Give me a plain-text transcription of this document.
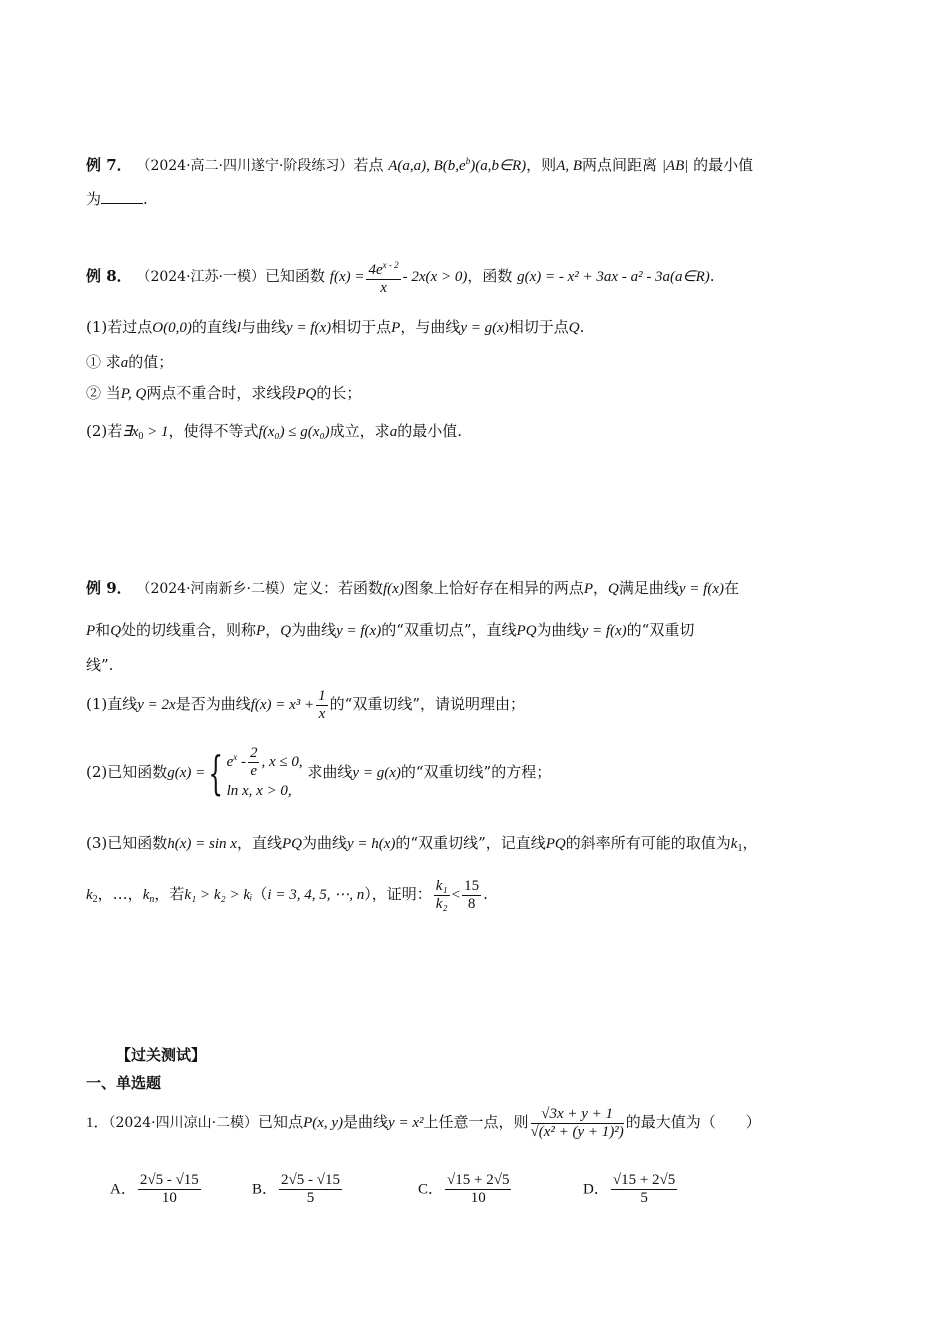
例 7． （2024·高二·四川遂宁·阶段练习）若点 A(a,a), $B(b,e^b)(a,b\in R)$，则A, B两点间距离 |AB| 的最小值
为	.
例 8． （2024·江苏·一模）已知函数 $f(x) = \frac{4e^{x - 2}}{x} - 2x(x > 0)$，函数 g(x) = - x² + 3ax - a² - 3a(a∈R).
(1)若过点O(0,0)的直线l与曲线y = f(x)相切于点P，与曲线y = g(x)相切于点Q.
① 求a的值；
② 当P, Q两点不重合时，求线段PQ的长；
(2)若$\exists x_0 > 1$，使得不等式f(x₀) ≤ g(x₀)成立，求a的最小值.
例 9． （2024·河南新乡·二模）定义：若函数f(x)图象上恰好存在相异的两点P，Q满足曲线y = f(x)在
P和Q处的切线重合，则称P，Q为曲线y = f(x)的“双重切点”，直线PQ为曲线y = f(x)的“双重切
线”.
(1)直线y = 2x是否为曲线$f(x) = x^3 + \frac{1}{x}$ 的“双重切线”，请说明理由；
(2)已知函数g(x) ={ $e^x - \frac{2}{e}$ , x ≤ 0,
ln x, x > 0,
求曲线y = g(x)的“双重切线”的方程；
(3)已知函数h(x) = sin x，直线PQ为曲线y = h(x)的“双重切线”，记直线PQ的斜率所有可能的取值为$k_1$，
$k_2$，…，$k_n$，若k₁ > k₂ > kᵢ（i = 3, 4, 5, ⋯, n），证明： $\frac{\text{k₁}}{\text{k₂}} < \frac{15}{8}$ .
【过关测试】
一、单选题
1．（2024·四川凉山·二模）已知点P(x, y)是曲线y = x²上任意一点，则 $\frac{√3x + y + 1}{\text{√(x² + (y + 1)²)}}$ 的最大值为（　　）
A． $\frac{2√5 - √15}{10}$	B． $\frac{2√5 - √15}{5}$	C． $\frac{√15 + 2√5}{10}$	D． $\frac{√15 + 2√5}{5}$
